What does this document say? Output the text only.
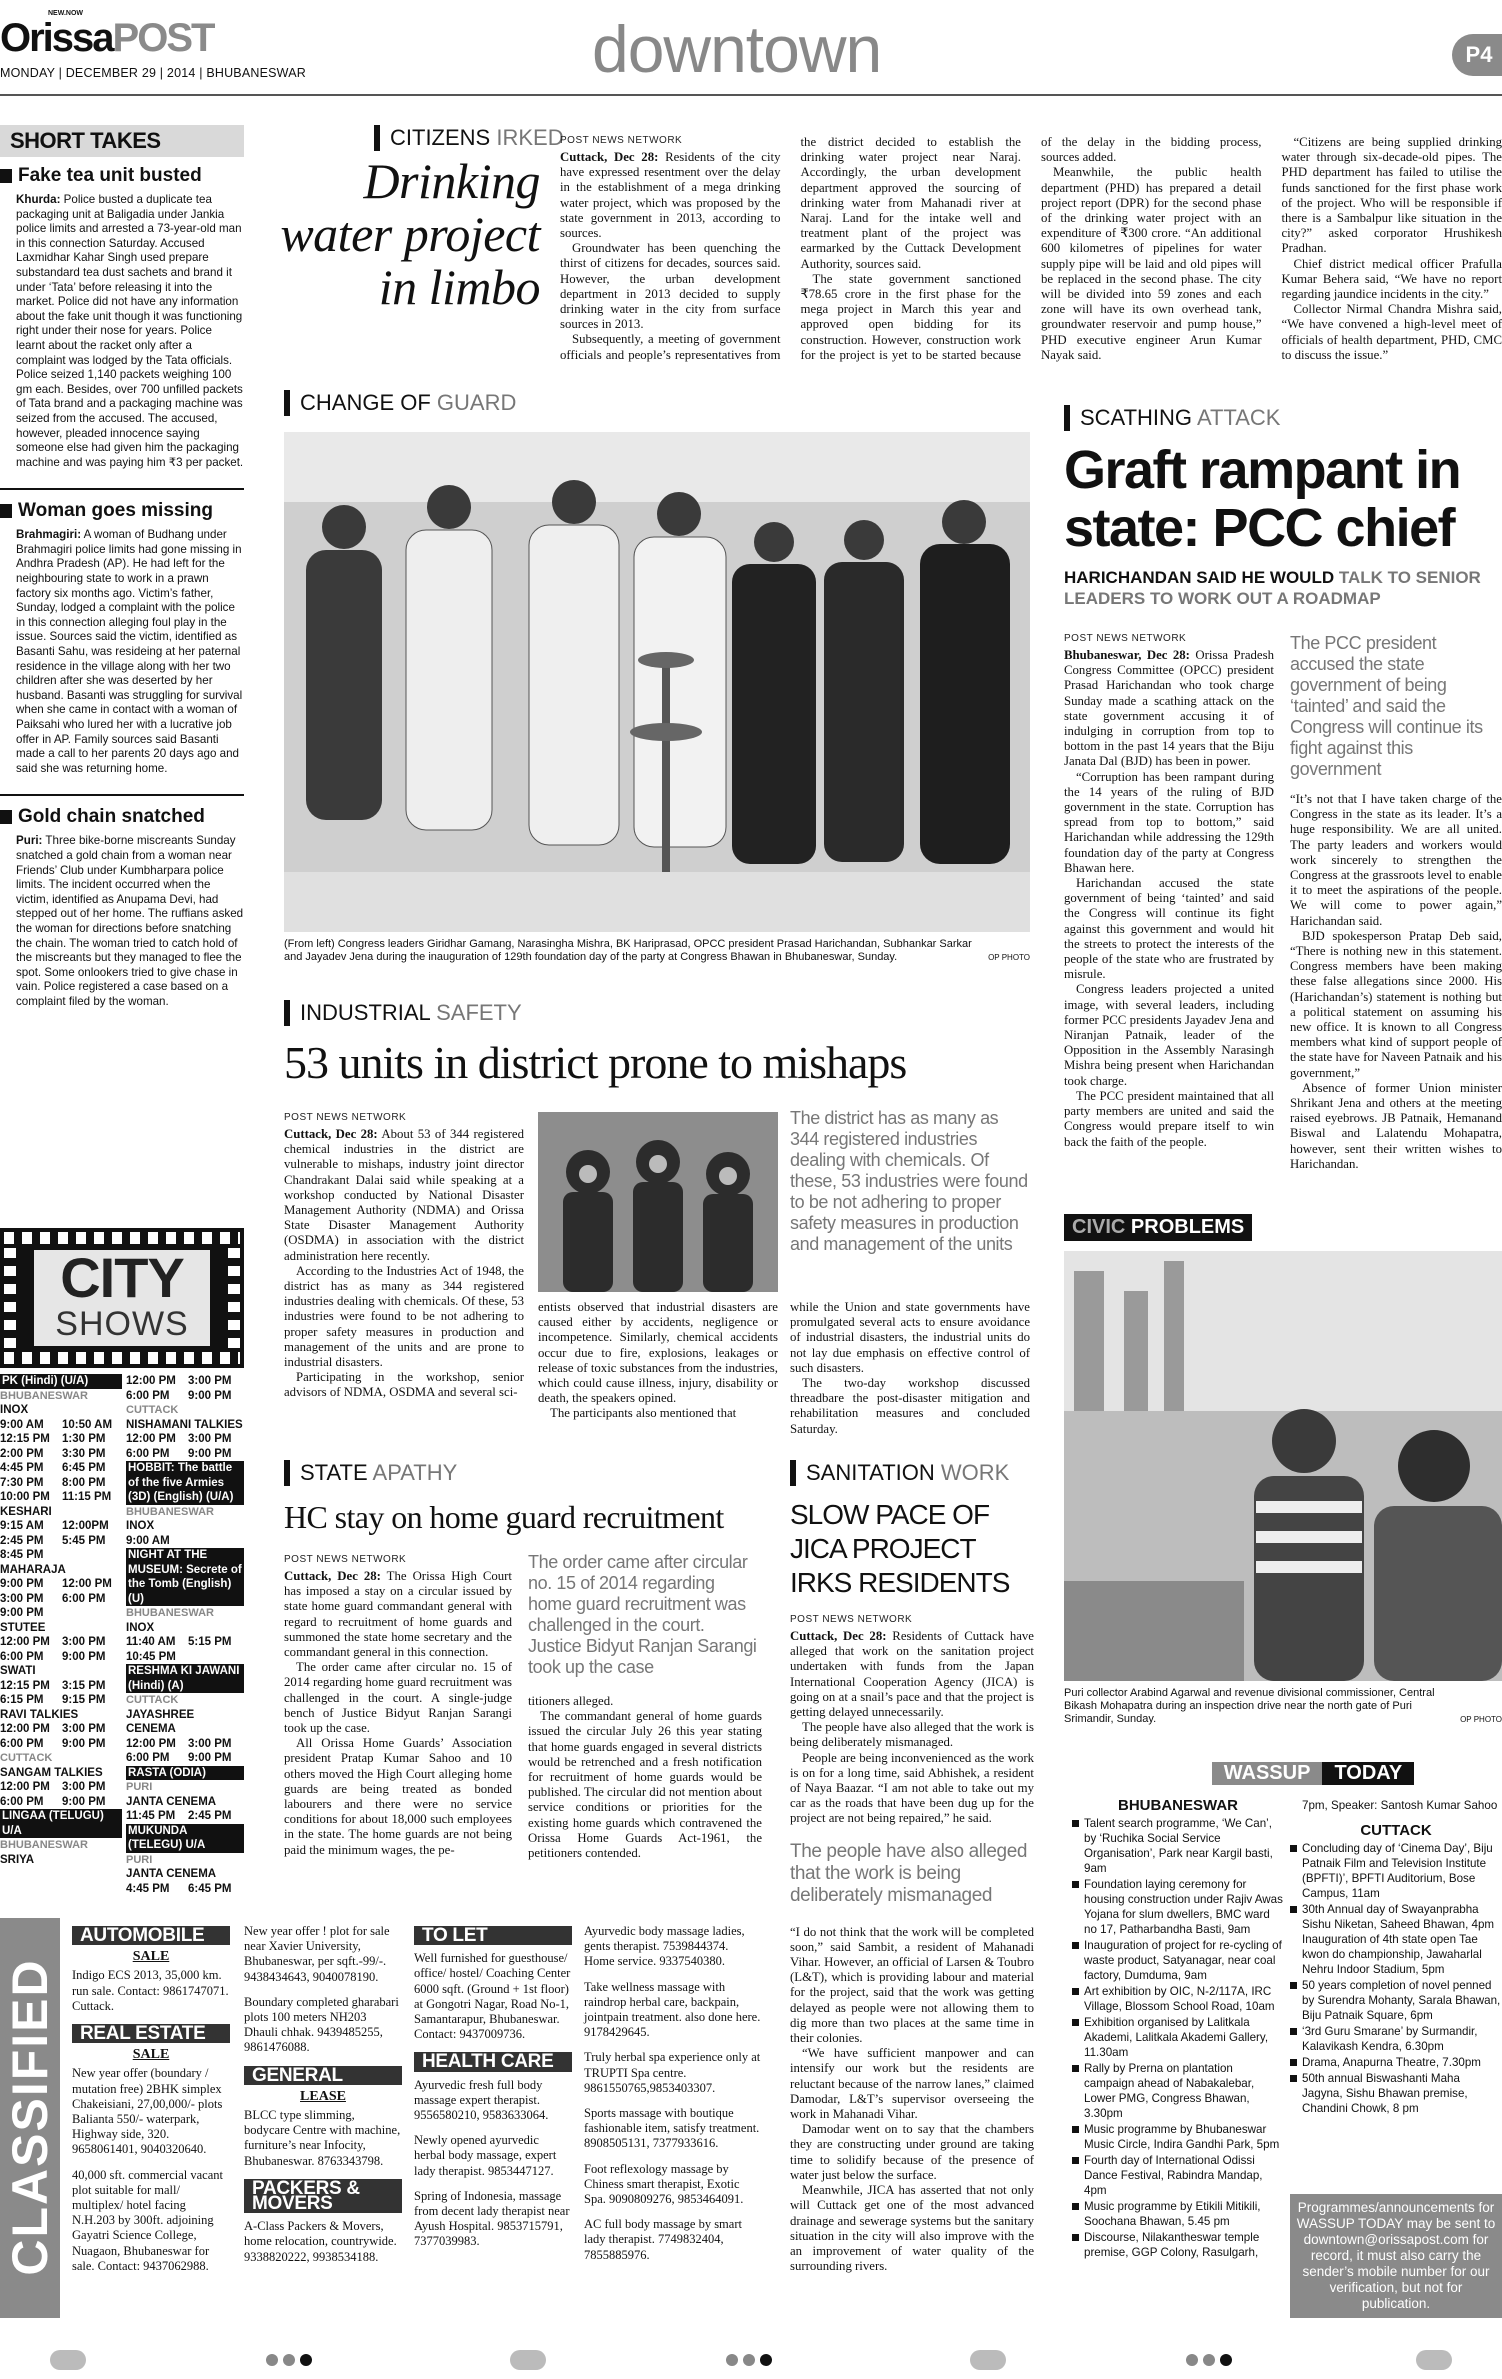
NEW.NOW
OrissaPOST
MONDAY | DECEMBER 29 | 2014 | BHUBANESWAR	downtown	P4
SHORT TAKES
Fake tea unit busted
Khurda: Police busted a duplicate tea packaging unit at Baligadia under Jankia police limits and arrested a 73-year-old man in this connection Saturday. Accused Laxmidhar Kahar Singh used prepare substandard tea dust sachets and brand it under ‘Tata’ before releasing it into the market. Police did not have any information about the fake unit though it was functioning right under their nose for years. Police learnt about the racket only after a complaint was lodged by the Tata officials. Police seized 1,140 packets weighing 100 gm each. Besides, over 700 unfilled packets of Tata brand and a packaging machine was seized from the accused. The accused, however, pleaded innocence saying someone else had given him the packaging machine and was paying him ₹3 per packet.
Woman goes missing
Brahmagiri: A woman of Budhang under Brahmagiri police limits had gone missing in Andhra Pradesh (AP). He had left for the neighbouring state to work in a prawn factory six months ago. Victim’s father, Sunday, lodged a complaint with the police in this connection alleging foul play in the issue. Sources said the victim, identified as Basanti Sahu, was resideing at her paternal residence in the village along with her two children after she was deserted by her husband. Basanti was struggling for survival when she came in contact with a woman of Paiksahi who lured her with a lucrative job offer in AP. Family sources said Basanti made a call to her parents 20 days ago and said she was returning home.
Gold chain snatched
Puri: Three bike-borne miscreants Sunday snatched a gold chain from a woman near Friends’ Club under Kumbharpara police limits. The incident occurred when the victim, identified as Anupama Devi, had stepped out of her home. The ruffians asked the woman for directions before snatching the chain. The woman tried to catch hold of the miscreants but they managed to flee the spot. Some onlookers tried to give chase in vain. Police registered a case based on a complaint filed by the woman.
CITY
SHOWS
PK (Hindi) (U/A)
BHUBANESWAR
INOX
9:00 AM	10:50 AM
12:15 PM	1:30 PM
2:00 PM	3:30 PM
4:45 PM	6:45 PM
7:30 PM	8:00 PM
10:00 PM	11:15 PM
KESHARI
9:15 AM	12:00PM
2:45 PM	5:45 PM
8:45 PM
MAHARAJA
9:00 PM	12:00 PM
3:00 PM	6:00 PM
9:00 PM
STUTEE
12:00 PM	3:00 PM
6:00 PM	9:00 PM
SWATI
12:15 PM	3:15 PM
6:15 PM	9:15 PM
RAVI TALKIES
12:00 PM	3:00 PM
6:00 PM	9:00 PM
CUTTACK
SANGAM TALKIES
12:00 PM	3:00 PM
6:00 PM	9:00 PM
LINGAA (TELUGU) U/A
BHUBANESWAR
SRIYA
12:00 PM	3:00 PM
6:00 PM	9:00 PM
CUTTACK
NISHAMANI TALKIES
12:00 PM	3:00 PM
6:00 PM	9:00 PM
HOBBIT: The battle of the five Armies (3D) (English) (U/A)
BHUBANESWAR
INOX
9:00 AM
NIGHT AT THE MUSEUM: Secrete of the Tomb (English) (U)
BHUBANESWAR
INOX
11:40 AM	5:15 PM
10:45 PM
RESHMA KI JAWANI (Hindi) (A)
CUTTACK
JAYASHREE CENEMA
12:00 PM	3:00 PM
6:00 PM	9:00 PM
RASTA (ODIA)
PURI
JANTA CENEMA
11:45 PM	2:45 PM
MUKUNDA (TELEGU) U/A
PURI
JANTA CENEMA
4:45 PM	6:45 PM
CITIZENS IRKED
Drinking water project in limbo
POST NEWS NETWORK

Cuttack, Dec 28: Residents of the city have expressed resentment over the delay in the establishment of a mega drinking water project, which was proposed by the state government in 2013, according to sources.

Groundwater has been quenching the thirst of citizens for decades, sources said. However, the urban development department in 2013 decided to supply drinking water in the city from surface sources in 2013.

Subsequently, a meeting of government officials and people’s representatives from the district decided to establish the drinking water project near Naraj. Accordingly, the urban development department approved the sourcing of drinking water from Mahanadi river at Naraj. Land for the intake well and treatment plant of the project was earmarked by the Cuttack Development Authority, sources said.

The state government sanctioned ₹78.65 crore in the first phase for the mega project in March this year and approved open bidding for its construction. However, construction work for the project is yet to be started because of the delay in the bidding process, sources added.

Meanwhile, the public health department (PHD) has prepared a detail project report (DPR) for the second phase of the drinking water project with an expenditure of ₹300 crore. “An additional 600 kilometres of pipelines for water supply pipe will be laid and old pipes will be replaced in the second phase. The city will be divided into 59 zones and each zone will have its own overhead tank, groundwater reservoir and pump house,” PHD executive engineer Arun Kumar Nayak said.

“Citizens are being supplied drinking water through six-decade-old pipes. The PHD department has failed to utilise the funds sanctioned for the first phase work of the project. Who will be responsible if there is a Sambalpur like situation in the city?” asked corporator Hrushikesh Pradhan.

Chief district medical officer Prafulla Kumar Behera said, “We have no report regarding jaundice incidents in the city.”

Collector Nirmal Chandra Mishra said, “We have convened a high-level meet of officials of health department, PHD, CMC to discuss the issue.”

CHANGE OF GUARD
(From left) Congress leaders Giridhar Gamang, Narasingha Mishra, BK Hariprasad, OPCC president Prasad Harichandan, Subhankar Sarkar and Jayadev Jena during the inauguration of 129th foundation day of the party at Congress Bhawan in Bhubaneswar, Sunday.	OP PHOTO
SCATHING ATTACK
Graft rampant in state: PCC chief
HARICHANDAN SAID HE WOULD TALK TO SENIOR LEADERS TO WORK OUT A ROADMAP
POST NEWS NETWORK

Bhubaneswar, Dec 28: Orissa Pradesh Congress Committee (OPCC) president Prasad Harichandan who took charge Sunday made a scathing attack on the state government accusing it of indulging in corruption from top to bottom in the past 14 years that the Biju Janata Dal (BJD) has been in power.

“Corruption has been rampant during the 14 years of the ruling of BJD government in the state. Corruption has spread from top to bottom,” said Harichandan while addressing the 129th foundation day of the party at Congress Bhawan here.

Harichandan accused the state government of being ‘tainted’ and said the Congress will continue its fight against this government and would hit the streets to protect the interests of the people of the state who are frustrated by misrule.

Congress leaders projected a united image, with several leaders, including former PCC presidents Jayadev Jena and Niranjan Patnaik, leader of the Opposition in the Assembly Narasingh Mishra being present when Harichandan took charge.

The PCC president maintained that all party members are united and said the Congress would prepare itself to win back the faith of the people.

The PCC president accused the state government of being ‘tainted’ and said the Congress will continue its fight against this government

“It’s not that I have taken charge of the Congress in the state as its leader. It’s a huge responsibility. We are all united. The party leaders and workers would work sincerely to strengthen the Congress at the grassroots level to enable it to meet the aspirations of the people. We will come to power again,” Harichandan said.

BJD spokesperson Pratap Deb said, “There is nothing new in this statement. Congress members have been making these false allegations since 2000. His (Harichandan’s) statement is nothing but a political statement on assuming his new office. It is known to all Congress members what kind of support people of the state have for Naveen Patnaik and his government,”

Absence of former Union minister Shrikant Jena and others at the meeting raised eyebrows. JB Patnaik, Hemanand Biswal and Lalatendu Mohapatra, however, sent their written wishes to Harichandan.

INDUSTRIAL SAFETY
53 units in district prone to mishaps
POST NEWS NETWORK

Cuttack, Dec 28: About 53 of 344 registered chemical industries in the district are vulnerable to mishaps, industry joint director Chandrakant Dalai said while speaking at a workshop conducted by National Disaster Management Authority (NDMA) and Orissa State Disaster Management Authority (OSDMA) in association with the district administration here recently.

According to the Industries Act of 1948, the district has as many as 344 registered industries dealing with chemicals. Of these, 53 industries were found to be not adhering to proper safety measures in production and management of the units and are prone to industrial disasters.

Participating in the workshop, senior advisors of NDMA, OSDMA and several sci-

The district has as many as 344 registered industries dealing with chemicals. Of these, 53 industries were found to be not adhering to proper safety measures in production and management of the units

entists observed that industrial disasters are caused either by accidents, negligence or incompetence. Similarly, chemical accidents occur due to fire, explosions, leakages or release of toxic substances from the industries, which could cause illness, injury, disability or death, the speakers opined.

The participants also mentioned that

while the Union and state governments have promulgated several acts to ensure avoidance of industrial disasters, the industrial units do not lay due emphasis on effective control of such disasters.

The two-day workshop discussed threadbare the post-disaster mitigation and rehabilitation measures and concluded Saturday.

STATE APATHY
HC stay on home guard recruitment
POST NEWS NETWORK

Cuttack, Dec 28: The Orissa High Court has imposed a stay on a circular issued by state home guard commandant general with regard to recruitment of home guards and summoned the state home secretary and the commandant general in this connection.

The order came after circular no. 15 of 2014 regarding home guard recruitment was challenged in the court. A single-judge bench of Justice Bidyut Ranjan Sarangi took up the case.

All Orissa Home Guards’ Association president Pratap Kumar Sahoo and 10 others moved the High Court alleging home guards are being treated as bonded labourers and there were no service conditions for about 18,000 such employees in the state. The home guards are not being paid the minimum wages, the pe-

The order came after circular no. 15 of 2014 regarding home guard recruitment was challenged in the court. Justice Bidyut Ranjan Sarangi took up the case

titioners alleged.

The commandant general of home guards issued the circular July 26 this year stating that home guards engaged in several districts would be retrenched and a fresh notification for recruitment of home guards would be published. The circular did not mention about service conditions or priorities for the existing home guards which contravened the Orissa Home Guards Act-1961, the petitioners contended.

SANITATION WORK
SLOW PACE OF JICA PROJECT IRKS RESIDENTS
POST NEWS NETWORK

Cuttack, Dec 28: Residents of Cuttack have alleged that work on the sanitation project undertaken with funds from the Japan International Cooperation Agency (JICA) is going on at a snail’s pace and that the project is getting delayed unnecessarily.

The people have also alleged that the work is being deliberately mismanaged.

People are being inconvenienced as the work is on for a long time, said Abhishek, a resident of Naya Baazar. “I am not able to take out my car as the roads that have been dug up for the project are not being repaired,” he said.

The people have also alleged that the work is being deliberately mismanaged

“I do not think that the work will be completed soon,” said Sambit, a resident of Mahanadi Vihar. However, an official of Larsen & Toubro (L&T), which is providing labour and material for the project, said that the work was getting delayed as people were not allowing them to dig more than two places at the same time in their colonies.

“We have sufficient manpower and can intensify our work but the residents are reluctant because of the narrow lanes,” claimed Damodar, L&T’s supervisor overseeing the work in Mahanadi Vihar.

Damodar went on to say that the chambers they are constructing under ground are taking time to solidify because of the presence of water just below the surface.

Meanwhile, JICA has asserted that not only will Cuttack get one of the most advanced drainage and sewerage systems but the sanitary situation in the city will also improve with the an improvement of water quality of the surrounding rivers.

CIVIC PROBLEMS
Puri collector Arabind Agarwal and revenue divisional commissioner, Central Bikash Mohapatra during an inspection drive near the north gate of Puri Srimandir, Sunday.	OP PHOTO
WASSUP	TODAY
BHUBANESWAR
Talent search programme, ‘We Can’, by ‘Ruchika Social Service Organisation’, Park near Kargil basti, 9am
Foundation laying ceremony for housing construction under Rajiv Awas Yojana for slum dwellers, BMC ward no 17, Patharbandha Basti, 9am
Inauguration of project for re-cycling of waste product, Satyanagar, near coal factory, Dumduma, 9am
Art exhibition by OIC, N-2/117A, IRC Village, Blossom School Road, 10am
Exhibition organised by Lalitkala Akademi, Lalitkala Akademi Gallery, 11.30am
Rally by Prerna on plantation campaign ahead of Nabakalebar, Lower PMG, Congress Bhawan, 3.30pm
Music programme by Bhubaneswar Music Circle, Indira Gandhi Park, 5pm
Fourth day of International Odissi Dance Festival, Rabindra Mandap, 4pm
Music programme by Etikili Mitikili, Soochana Bhawan, 5.45 pm
Discourse, Nilakantheswar temple premise, GGP Colony, Rasulgarh,
7pm, Speaker: Santosh Kumar Sahoo
CUTTACK
Concluding day of ‘Cinema Day’, Biju Patnaik Film and Television Institute (BPFTI)’, BPFTI Auditorium, Bose Campus, 11am
30th Annual day of Swayanprabha Sishu Niketan, Saheed Bhawan, 4pm Inauguration of 4th state open Tae kwon do championship, Jawaharlal Nehru Indoor Stadium, 5pm
50 years completion of novel penned by Surendra Mohanty, Sarala Bhawan, Biju Patnaik Square, 6pm
‘3rd Guru Smarane’ by Surmandir, Kalavikash Kendra, 6.30pm
Drama, Anapurna Theatre, 7.30pm
50th annual Biswashanti Maha Jagyna, Sishu Bhawan premise, Chandini Chowk, 8 pm
Programmes/announcements for WASSUP TODAY may be sent to downtown@orissapost.com for record, it must also carry the sender’s mobile number for our verification, but not for publication.
CLASSIFIED
AUTOMOBILE
SALE

Indigo ECS 2013, 35,000 km. run sale. Contact: 9861747071. Cuttack.

REAL ESTATE
SALE

New year offer (boundary / mutation free) 2BHK simplex Chakeisiani, 27,00,000/- plots Balianta 550/- waterpark, Highway side, 320. 9658061401, 9040320640.

40,000 sft. commercial vacant plot suitable for mall/ multiplex/ hotel facing N.H.203 by 300ft. adjoining Gayatri Science College, Nuagaon, Bhubaneswar for sale. Contact: 9437062988.

New year offer ! plot for sale near Xavier University, Bhubaneswar, per sqft.-99/-. 9438434643, 9040078190.

Boundary completed gharabari plots 100 meters NH203 Dhauli chhak. 9439485255, 9861476088.

GENERAL
LEASE

BLCC type slimming, bodycare Centre with machine, furniture’s near Infocity, Bhubaneswar. 8763343798.

PACKERS & MOVERS

A-Class Packers & Movers, home relocation, countrywide. 9338820222, 9938534188.

TO LET

Well furnished for guesthouse/ office/ hostel/ Coaching Center 6000 sqft. (Ground + 1st floor) at Gongotri Nagar, Road No-1, Samantarapur, Bhubaneswar. Contact: 9437009736.

HEALTH CARE

Ayurvedic fresh full body massage expert therapist. 9556580210, 9583633064.

Newly opened ayurvedic herbal body massage, expert lady therapist. 9853447127.

Spring of Indonesia, massage from decent lady therapist near Ayush Hospital. 9853715791, 7377039983.

Ayurvedic body massage ladies, gents therapist. 7539844374. Home service. 9337540380.

Take wellness massage with raindrop herbal care, backpain, jointpain treatment. also done here. 9178429645.

Truly herbal spa experience only at TRUPTI Spa centre. 9861550765,9853403307.

Sports massage with boutique fashionable item, satisfy treatment. 8908505131, 7377933616.

Foot reflexology massage by Chiness smart therapist, Exotic Spa. 9090809276, 9853464091.

AC full body massage by smart lady therapist. 7749832404, 7855885976.
